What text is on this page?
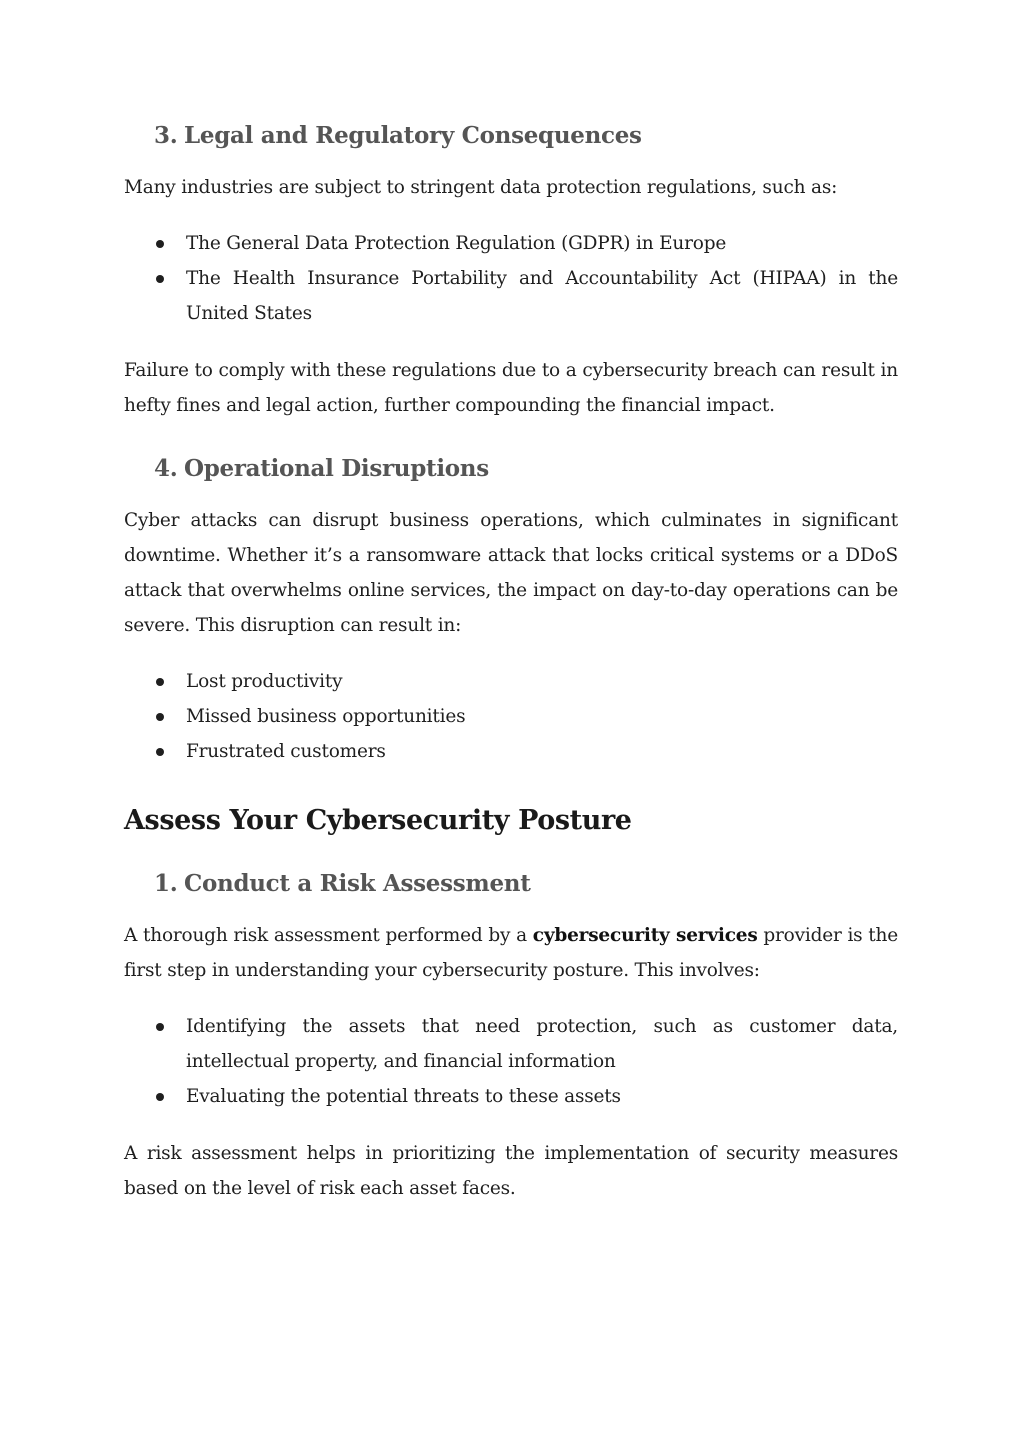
3. Legal and Regulatory Consequences

Many industries are subject to stringent data protection regulations, such as:

The General Data Protection Regulation (GDPR) in Europe
The Health Insurance Portability and Accountability Act (HIPAA) in the United States

Failure to comply with these regulations due to a cybersecurity breach can result in hefty fines and legal action, further compounding the financial impact.

4. Operational Disruptions

Cyber attacks can disrupt business operations, which culminates in significant downtime. Whether it’s a ransomware attack that locks critical systems or a DDoS attack that overwhelms online services, the impact on day-to-day operations can be severe. This disruption can result in:

Lost productivity
Missed business opportunities
Frustrated customers
Assess Your Cybersecurity Posture
1. Conduct a Risk Assessment

A thorough risk assessment performed by a cybersecurity services provider is the first step in understanding your cybersecurity posture. This involves:

Identifying the assets that need protection, such as customer data, intellectual property, and financial information
Evaluating the potential threats to these assets

A risk assessment helps in prioritizing the implementation of security measures based on the level of risk each asset faces.
